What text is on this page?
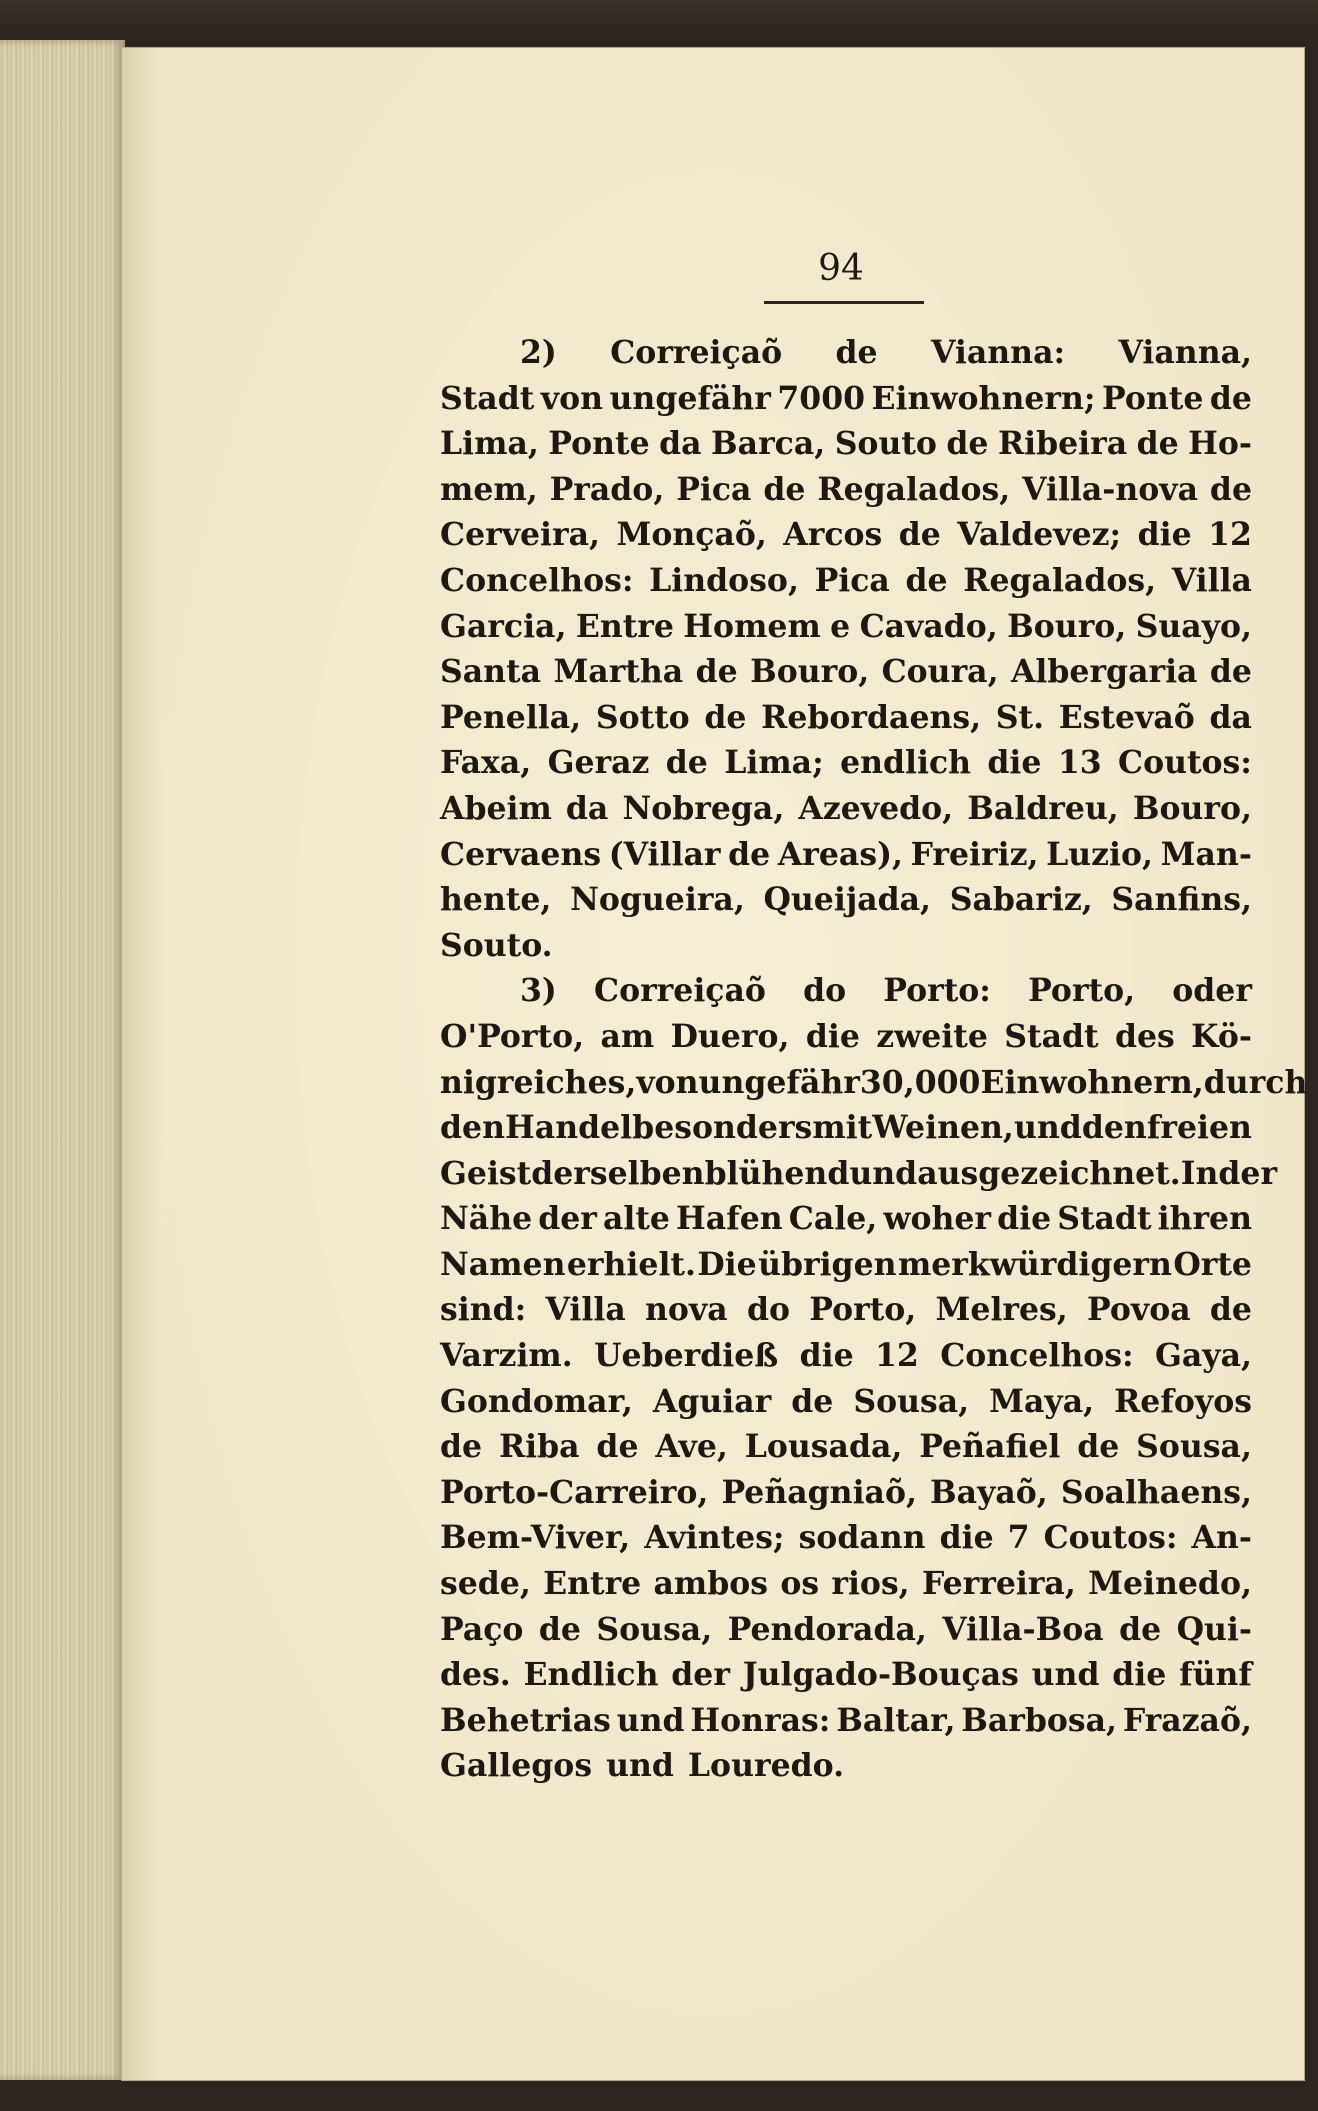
94
2) Correiçaõ de Vianna: Vianna,
Stadt von ungefähr 7000 Einwohnern; Ponte de
Lima, Ponte da Barca, Souto de Ribeira de Ho-
mem, Prado, Pica de Regalados, Villa-nova de
Cerveira, Monçaõ, Arcos de Valdevez; die 12
Concelhos: Lindoso, Pica de Regalados, Villa
Garcia, Entre Homem e Cavado, Bouro, Suayo,
Santa Martha de Bouro, Coura, Albergaria de
Penella, Sotto de Rebordaens, St. Estevaõ da
Faxa, Geraz de Lima; endlich die 13 Coutos:
Abeim da Nobrega, Azevedo, Baldreu, Bouro,
Cervaens (Villar de Areas), Freiriz, Luzio, Man-
hente, Nogueira, Queijada, Sabariz, Sanfins,
Souto.
3) Correiçaõ do Porto: Porto, oder
O'Porto, am Duero, die zweite Stadt des Kö-
nigreiches, von ungefähr 30,000 Einwohnern, durch
den Handel besonders mit Weinen, und den freien
Geist derselben blühend und ausgezeichnet. In der
Nähe der alte Hafen Cale, woher die Stadt ihren
Namen erhielt. Die übrigen merkwürdigern Orte
sind: Villa nova do Porto, Melres, Povoa de
Varzim. Ueberdieß die 12 Concelhos: Gaya,
Gondomar, Aguiar de Sousa, Maya, Refoyos
de Riba de Ave, Lousada, Peñafiel de Sousa,
Porto-Carreiro, Peñagniaõ, Bayaõ, Soalhaens,
Bem-Viver, Avintes; sodann die 7 Coutos: An-
sede, Entre ambos os rios, Ferreira, Meinedo,
Paço de Sousa, Pendorada, Villa-Boa de Qui-
des. Endlich der Julgado-Bouças und die fünf
Behetrias und Honras: Baltar, Barbosa, Frazaõ,
Gallegos und Louredo.
